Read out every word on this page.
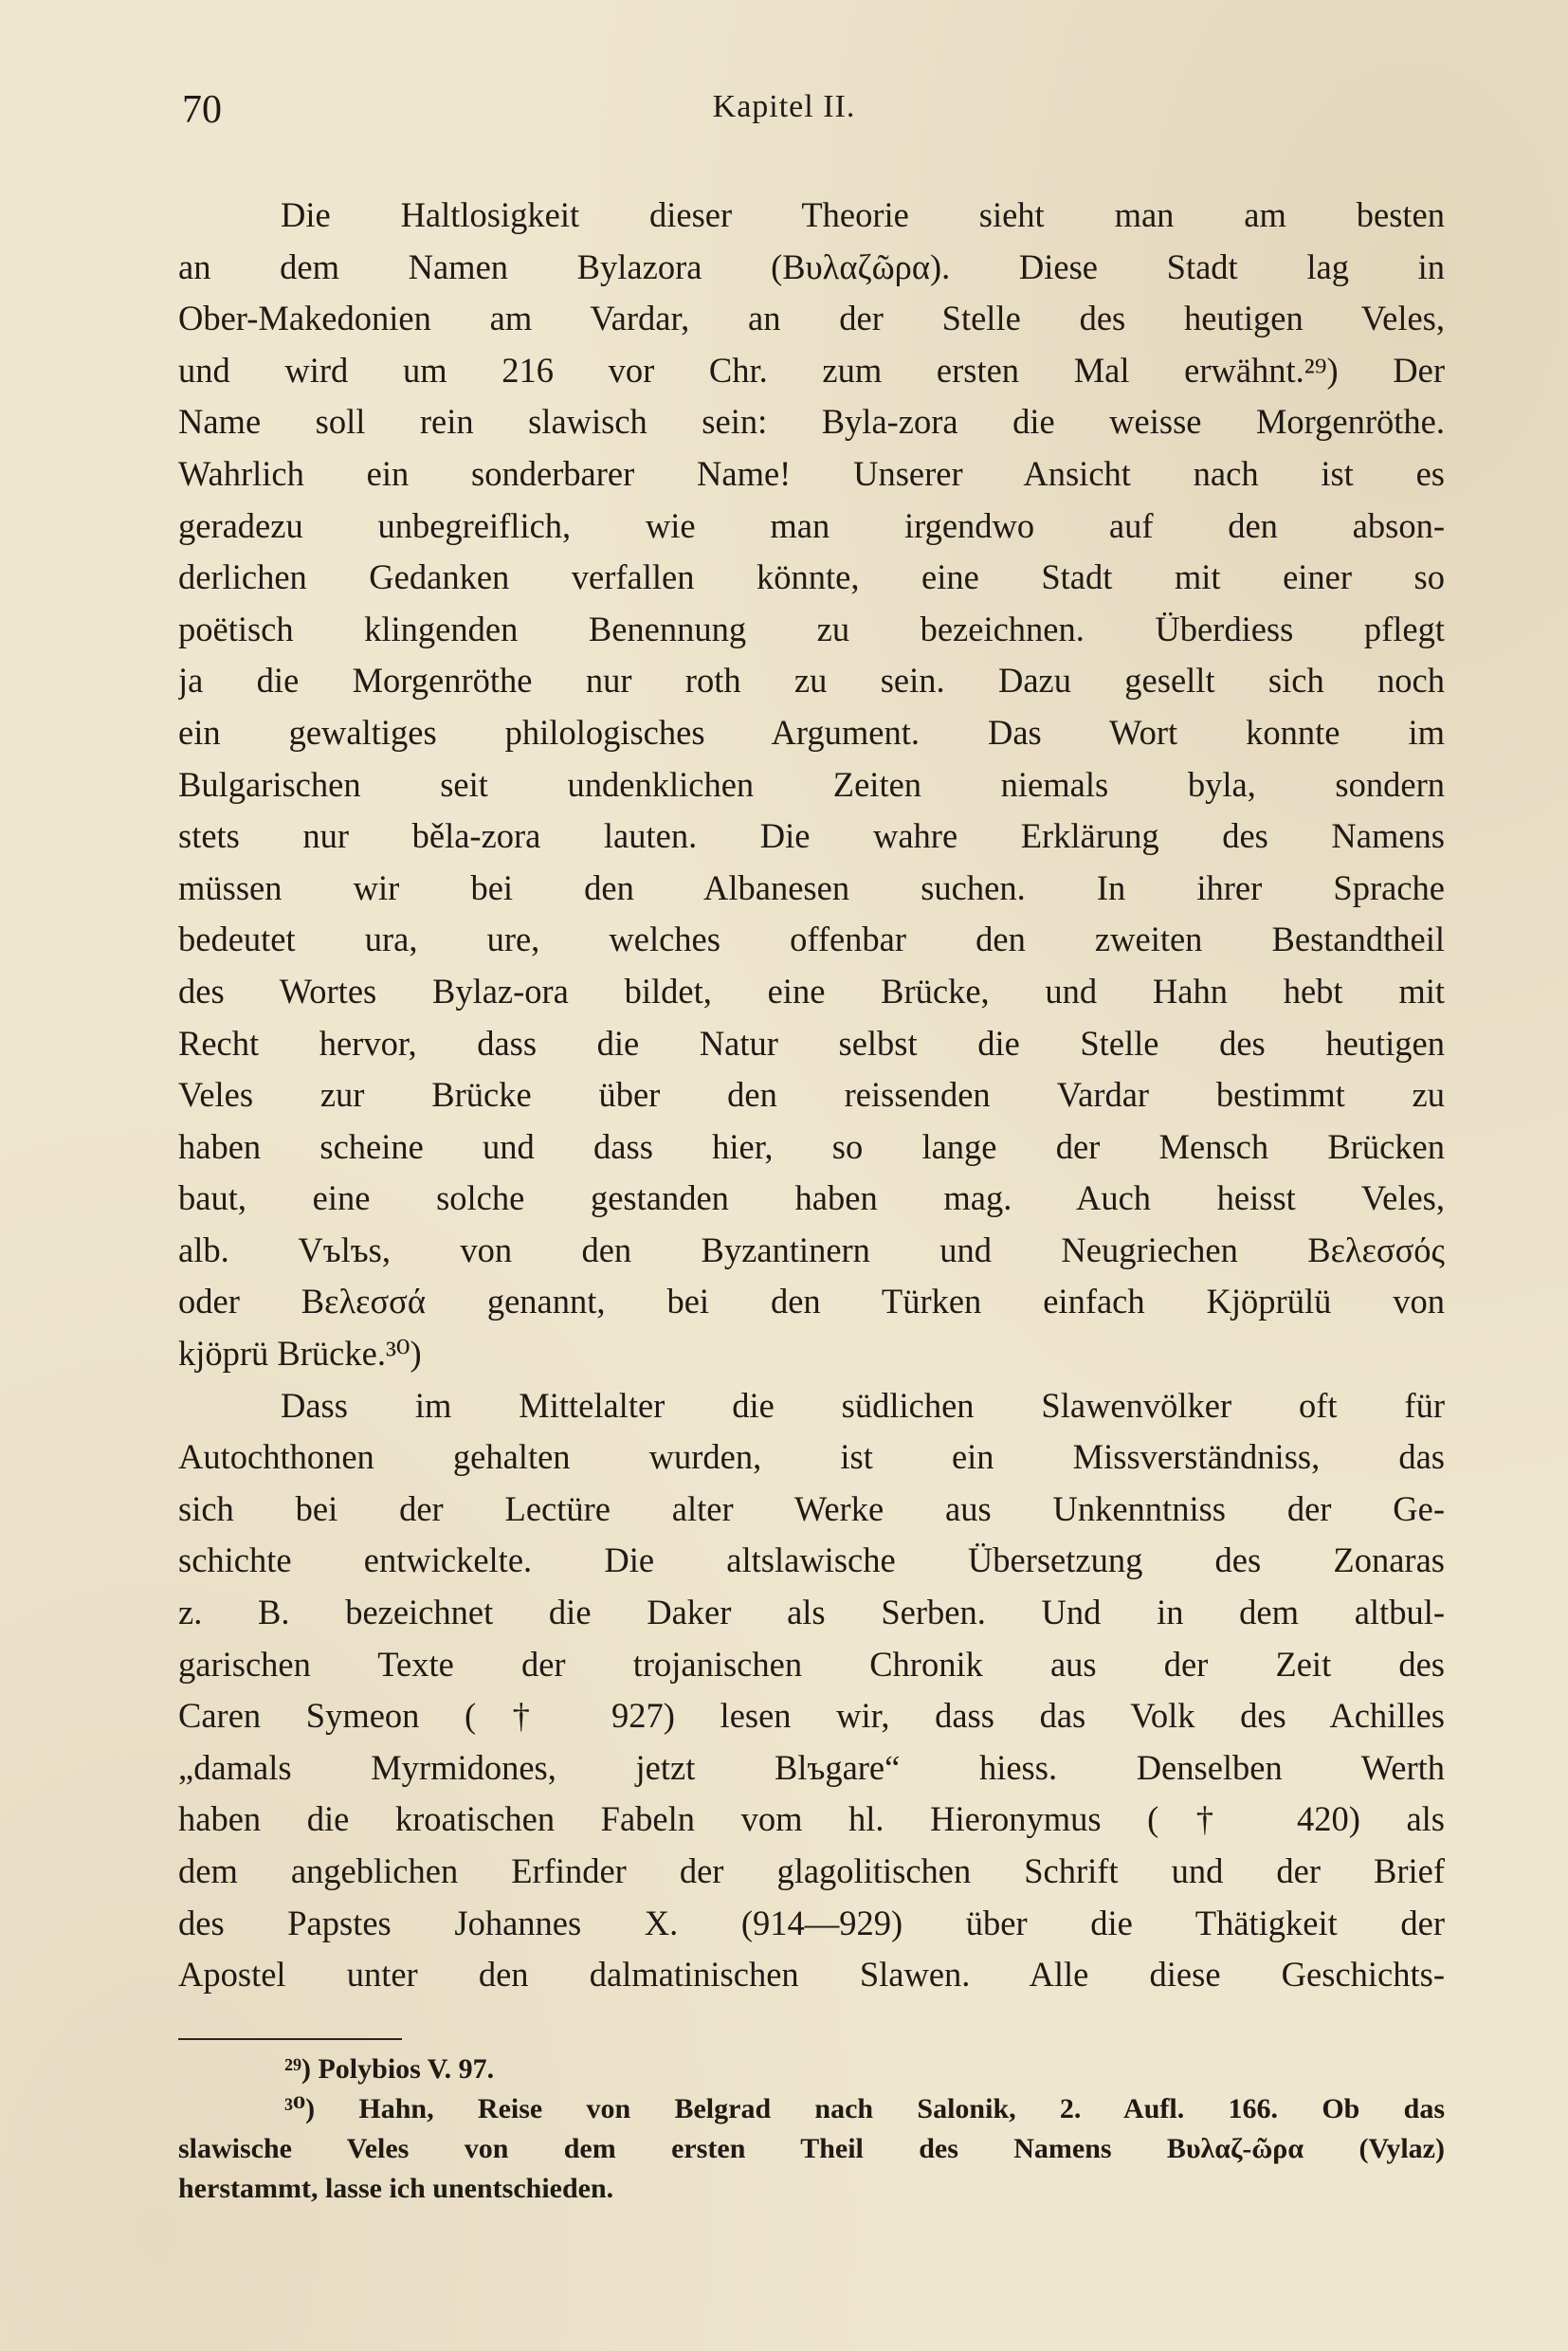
70	Kapitel II.
Die Haltlosigkeit dieser Theorie sieht man am besten
an dem Namen Bylazora (Βυλαζῶρα). Diese Stadt lag in
Ober-Makedonien am Vardar, an der Stelle des heutigen Veles,
und wird um 216 vor Chr. zum ersten Mal erwähnt.²⁹) Der
Name soll rein slawisch sein: Byla-zora die weisse Morgenröthe.
Wahrlich ein sonderbarer Name! Unserer Ansicht nach ist es
geradezu unbegreiflich, wie man irgendwo auf den abson-
derlichen Gedanken verfallen könnte, eine Stadt mit einer so
poëtisch klingenden Benennung zu bezeichnen. Überdiess pflegt
ja die Morgenröthe nur roth zu sein. Dazu gesellt sich noch
ein gewaltiges philologisches Argument. Das Wort konnte im
Bulgarischen seit undenklichen Zeiten niemals byla, sondern
stets nur běla-zora lauten. Die wahre Erklärung des Namens
müssen wir bei den Albanesen suchen. In ihrer Sprache
bedeutet ura, ure, welches offenbar den zweiten Bestandtheil
des Wortes Bylaz-ora bildet, eine Brücke, und Hahn hebt mit
Recht hervor, dass die Natur selbst die Stelle des heutigen
Veles zur Brücke über den reissenden Vardar bestimmt zu
haben scheine und dass hier, so lange der Mensch Brücken
baut, eine solche gestanden haben mag. Auch heisst Veles,
alb. Vъlъs, von den Byzantinern und Neugriechen Βελεσσός
oder Βελεσσά genannt, bei den Türken einfach Kjöprülü von
kjöprü Brücke.³⁰)
Dass im Mittelalter die südlichen Slawenvölker oft für
Autochthonen gehalten wurden, ist ein Missverständniss, das
sich bei der Lectüre alter Werke aus Unkenntniss der Ge-
schichte entwickelte. Die altslawische Übersetzung des Zonaras
z. B. bezeichnet die Daker als Serben. Und in dem altbul-
garischen Texte der trojanischen Chronik aus der Zeit des
Caren Symeon († 927) lesen wir, dass das Volk des Achilles
„damals Myrmidones, jetzt Blъgare“ hiess. Denselben Werth
haben die kroatischen Fabeln vom hl. Hieronymus († 420) als
dem angeblichen Erfinder der glagolitischen Schrift und der Brief
des Papstes Johannes X. (914—929) über die Thätigkeit der
Apostel unter den dalmatinischen Slawen. Alle diese Geschichts-
²⁹) Polybios V. 97.
³⁰) Hahn, Reise von Belgrad nach Salonik, 2. Aufl. 166. Ob das
slawische Veles von dem ersten Theil des Namens Βυλαζ-ῶρα (Vylaz)
herstammt, lasse ich unentschieden.
